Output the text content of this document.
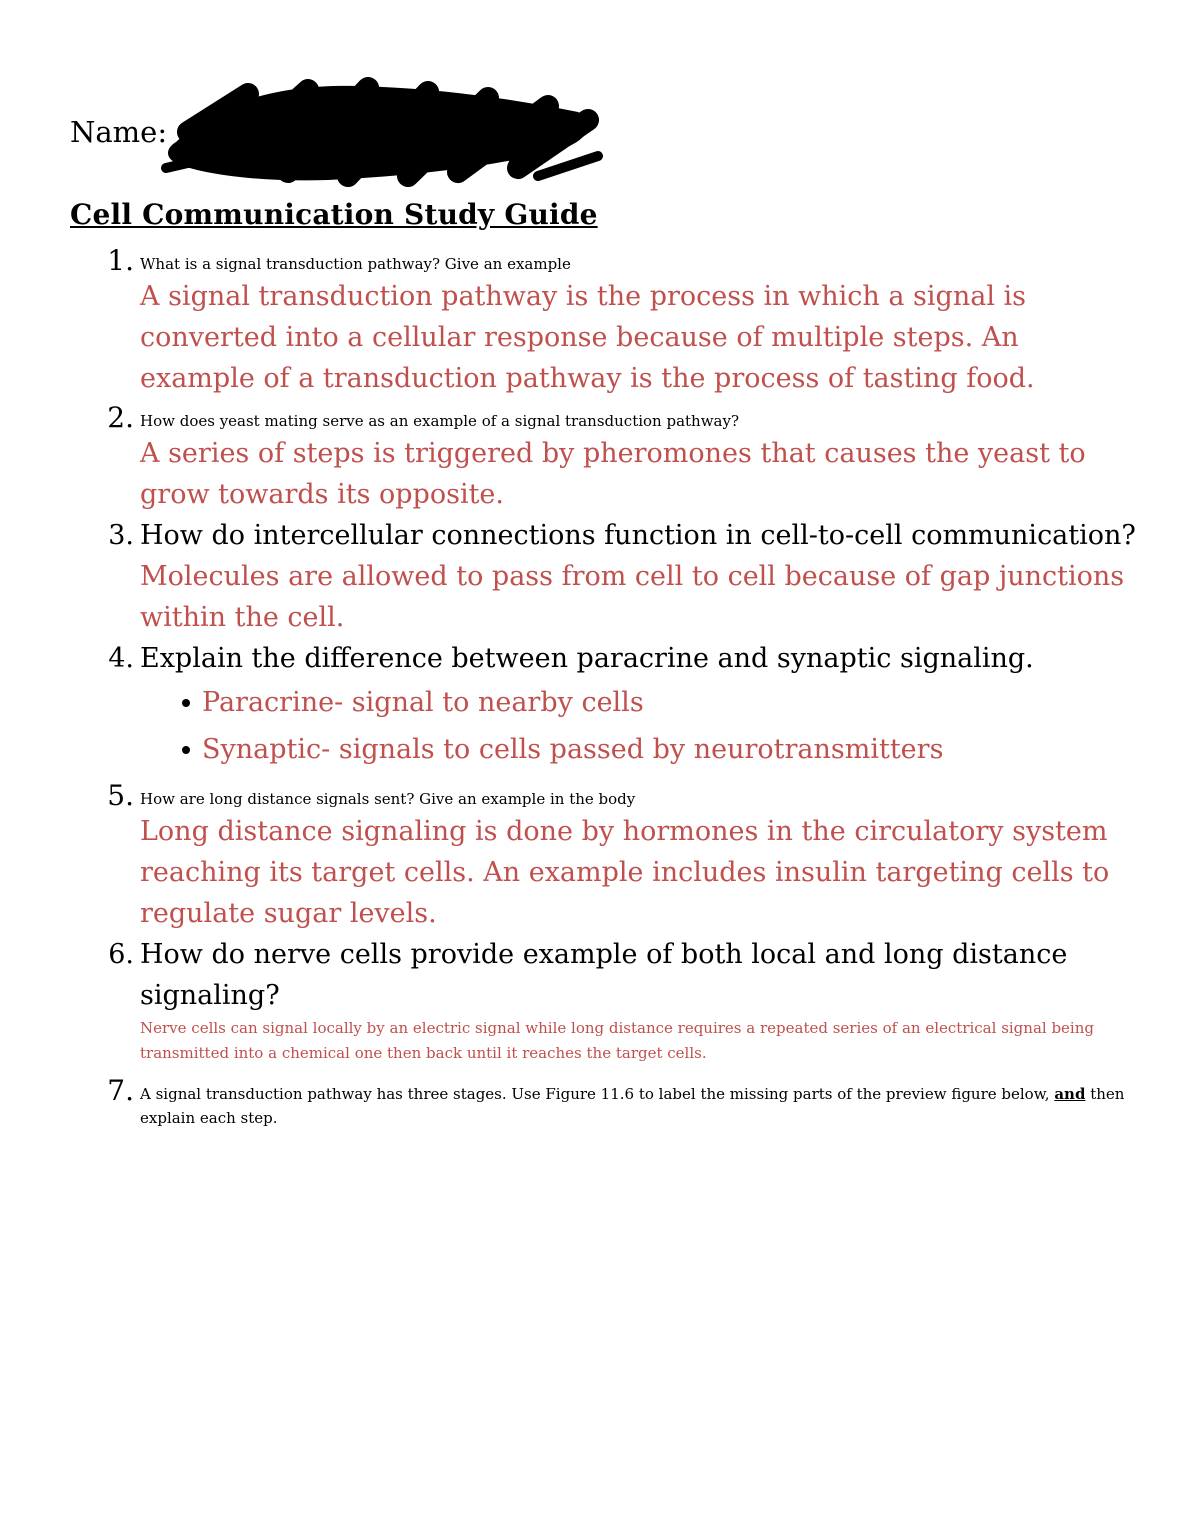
Name:
Cell Communication Study Guide
1. What is a signal transduction pathway? Give an example
A signal transduction pathway is the process in which a signal is converted into a cellular response because of multiple steps. An example of a transduction pathway is the process of tasting food.
2. How does yeast mating serve as an example of a signal transduction pathway?
A series of steps is triggered by pheromones that causes the yeast to grow towards its opposite.
3. How do intercellular connections function in cell-to-cell communication?
Molecules are allowed to pass from cell to cell because of gap junctions within the cell.
4. Explain the difference between paracrine and synaptic signaling.
Paracrine- signal to nearby cells
Synaptic- signals to cells passed by neurotransmitters
5. How are long distance signals sent? Give an example in the body
Long distance signaling is done by hormones in the circulatory system reaching its target cells. An example includes insulin targeting cells to regulate sugar levels.
6. How do nerve cells provide example of both local and long distance signaling?
Nerve cells can signal locally by an electric signal while long distance requires a repeated series of an electrical signal being transmitted into a chemical one then back until it reaches the target cells.
7. A signal transduction pathway has three stages. Use Figure 11.6 to label the missing parts of the preview figure below, and then explain each step.
